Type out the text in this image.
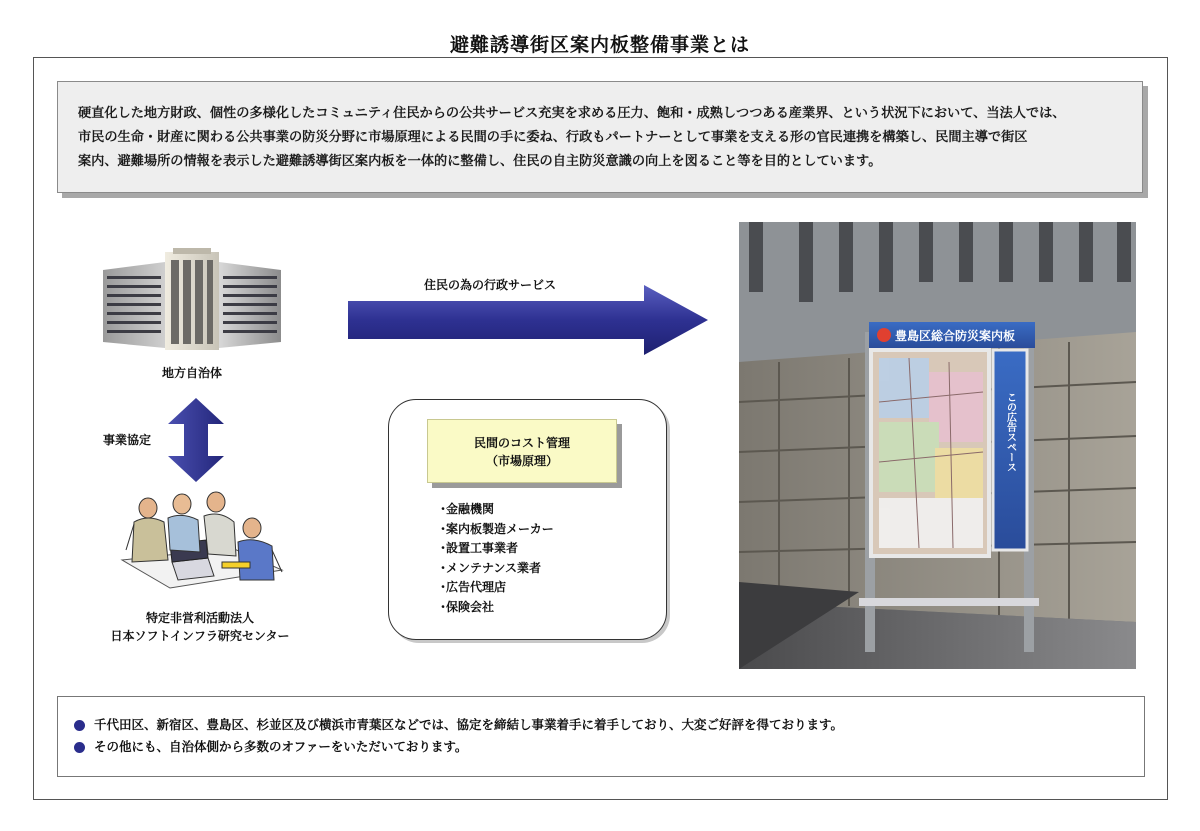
避難誘導街区案内板整備事業とは
硬直化した地方財政、個性の多様化したコミュニティ住民からの公共サービス充実を求める圧力、飽和・成熟しつつある産業界、という状況下において、当法人では、
市民の生命・財産に関わる公共事業の防災分野に市場原理による民間の手に委ね、行政もパートナーとして事業を支える形の官民連携を構築し、民間主導で街区
案内、避難場所の情報を表示した避難誘導街区案内板を一体的に整備し、住民の自主防災意識の向上を図ること等を目的としています。
地方自治体
事業協定
特定非営利活動法人
日本ソフトインフラ研究センター
住民の為の行政サービス
民間のコスト管理
（市場原理）
･金融機関
･案内板製造メーカー
･設置工事業者
･メンテナンス業者
･広告代理店
･保険会社
豊島区総合防災案内板
この広告スペース
千代田区、新宿区、豊島区、杉並区及び横浜市青葉区などでは、協定を締結し事業着手に着手しており、大変ご好評を得ております。
その他にも、自治体側から多数のオファーをいただいております。
